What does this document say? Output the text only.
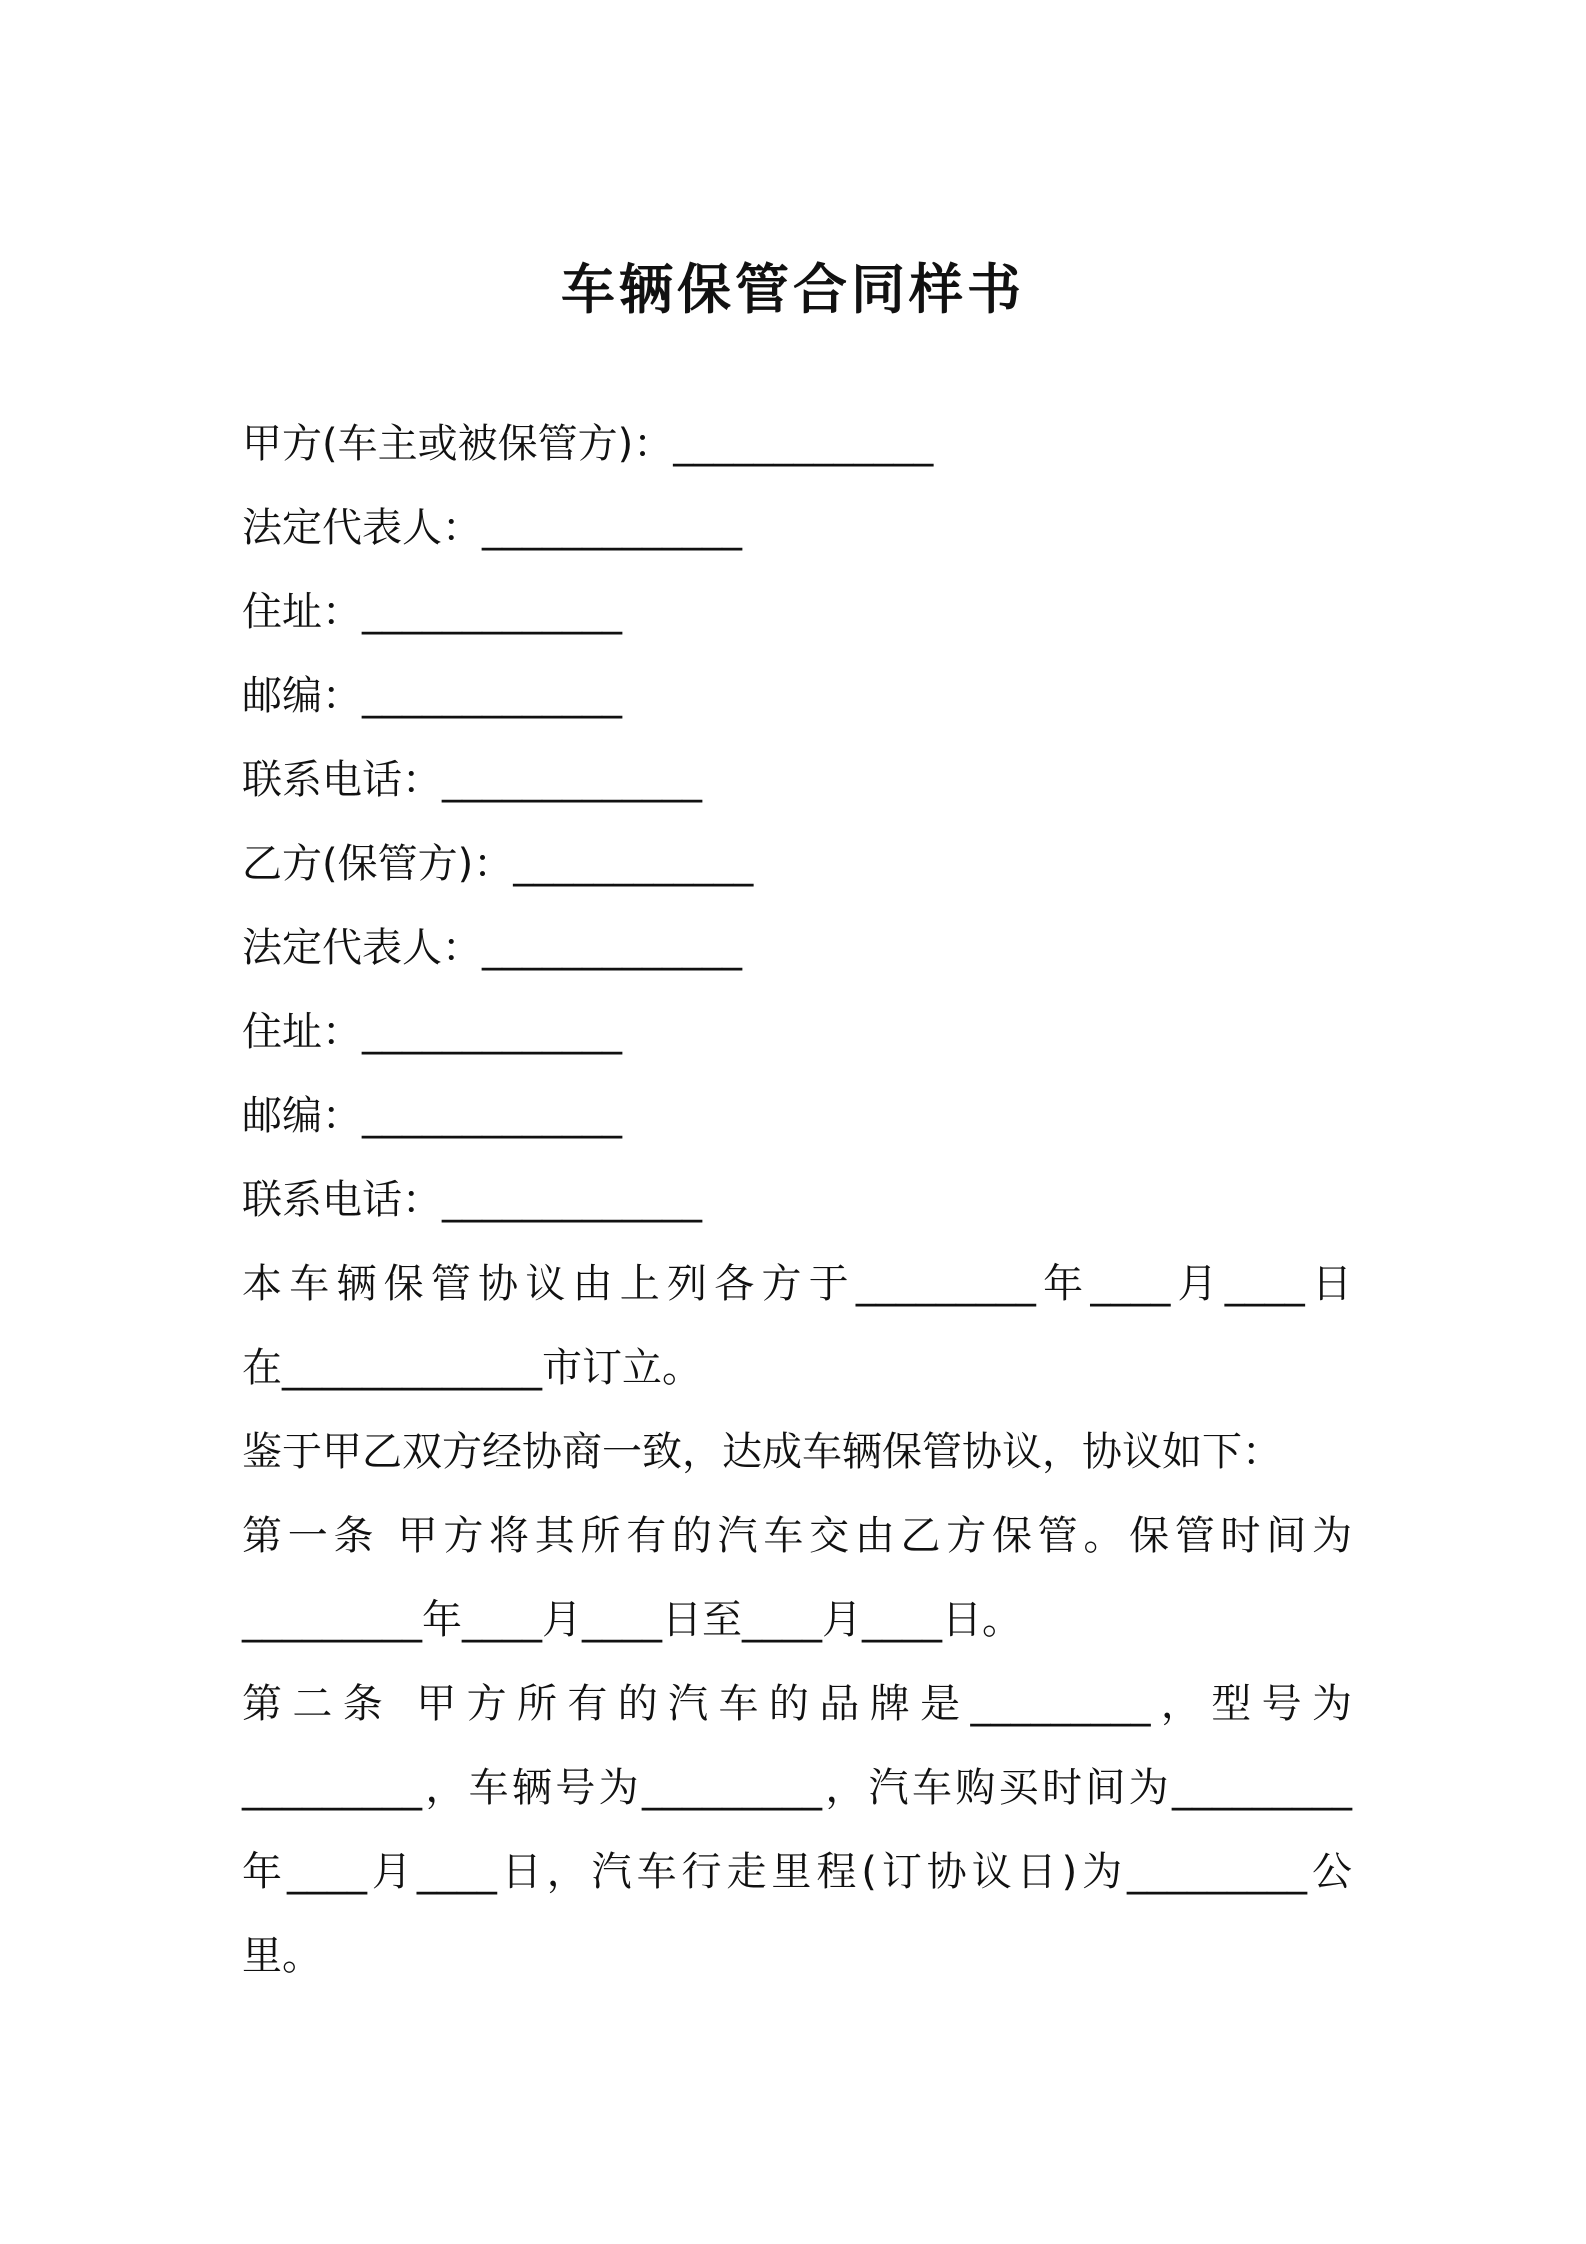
车辆保管合同样书
甲方(车主或被保管方)：_____________
法定代表人：_____________
住址：_____________
邮编：_____________
联系电话：_____________
乙方(保管方)：____________
法定代表人：_____________
住址：_____________
邮编：_____________
联系电话：_____________
本车辆保管协议由上列各方于_________年____月____日
在_____________市订立。
鉴于甲乙双方经协商一致，达成车辆保管协议，协议如下：
第一条 甲方将其所有的汽车交由乙方保管。保管时间为
_________年____月____日至____月____日。
第二条 甲方所有的汽车的品牌是_________，型号为
_________，车辆号为_________，汽车购买时间为_________
年____月____日，汽车行走里程(订协议日)为_________公
里。
